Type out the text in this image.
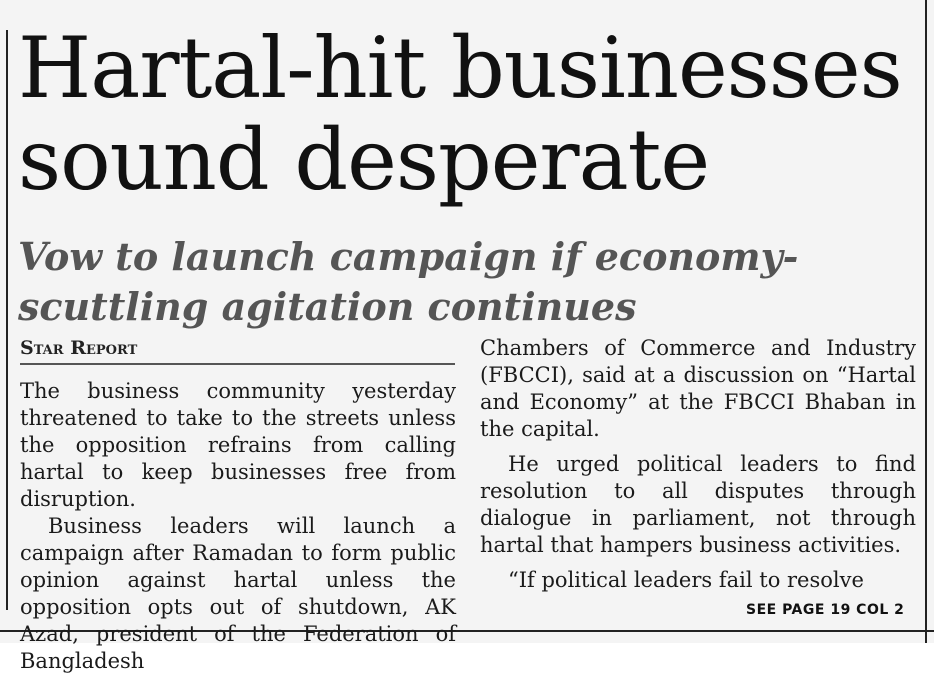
Hartal-hit businesses sound desperate
Vow to launch campaign if economy-scuttling agitation continues
Star Report

The business community yesterday threatened to take to the streets unless the opposition refrains from calling hartal to keep businesses free from disruption.

Business leaders will launch a campaign after Ramadan to form public opinion against hartal unless the opposition opts out of shutdown, AK Azad, president of the Federation of Bangladesh

Chambers of Commerce and Industry (FBCCI), said at a discussion on “Hartal and Economy” at the FBCCI Bhaban in the capital.

He urged political leaders to find resolution to all disputes through dialogue in parliament, not through hartal that hampers business activities.

“If political leaders fail to resolve

SEE PAGE 19 COL 2
